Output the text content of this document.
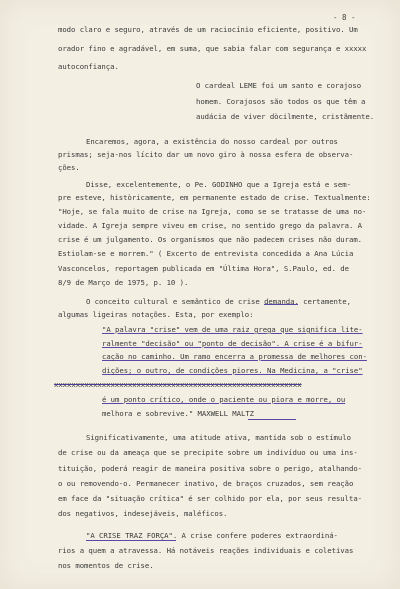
- 8 -
modo claro e seguro, através de um raciocínio eficiente, positivo. Um
orador fino e agradável, em suma, que sabia falar com segurança e xxxxx
autoconfiança.
O cardeal LEME foi um santo e corajoso
homem. Corajosos são todos os que têm a
audácia de viver dòcilmente, cristãmente.
Encaremos, agora, a existência do nosso cardeal por outros
prismas; seja-nos lícito dar um novo giro à nossa esfera de observa-
ções.
Disse, excelentemente, o Pe. GODINHO que a Igreja está e sem-
pre esteve, històricamente, em permanente estado de crise. Textualmente:
"Hoje, se fala muito de crise na Igreja, como se se tratasse de uma no-
vidade. A Igreja sempre viveu em crise, no sentido grego da palavra. A
crise é um julgamento. Os organismos que não padecem crises não duram.
Estiolam-se e morrem." ( Excerto de entrevista concedida a Ana Lúcia
Vasconcelos, reportagem publicada em "Última Hora", S.Paulo, ed. de
8/9 de Março de 1975, p. 10 ).
O conceito cultural e semântico de crise demanda, certamente,
algumas ligeiras notações. Esta, por exemplo:
"A palavra "crise" vem de uma raiz grega que significa lite-
ralmente "decisão" ou "ponto de decisão". A crise é a bifur-
cação no caminho. Um ramo encerra a promessa de melhores con-
dições; o outro, de condições piores. Na Medicina, a "crise"
xxxxxxxxxxxxxxxxxxxxxxxxxxxxxxxxxxxxxxxxxxxxxxxxxxxxxxxxx
é um ponto crítico, onde o paciente ou piora e morre, ou
melhora e sobrevive." MAXWELL MALTZ
Significativamente, uma atitude ativa, mantida sob o estímulo
de crise ou da ameaça que se precipite sobre um indivíduo ou uma ins-
tituição, poderá reagir de maneira positiva sobre o perigo, atalhando-
o ou removendo-o. Permanecer inativo, de braços cruzados, sem reação
em face da "situação crítica" é ser colhido por ela, por seus resulta-
dos negativos, indesejáveis, maléficos.
"A CRISE TRAZ FORÇA". A crise confere poderes extraordiná-
rios a quem a atravessa. Há notáveis reações individuais e coletivas
nos momentos de crise.
